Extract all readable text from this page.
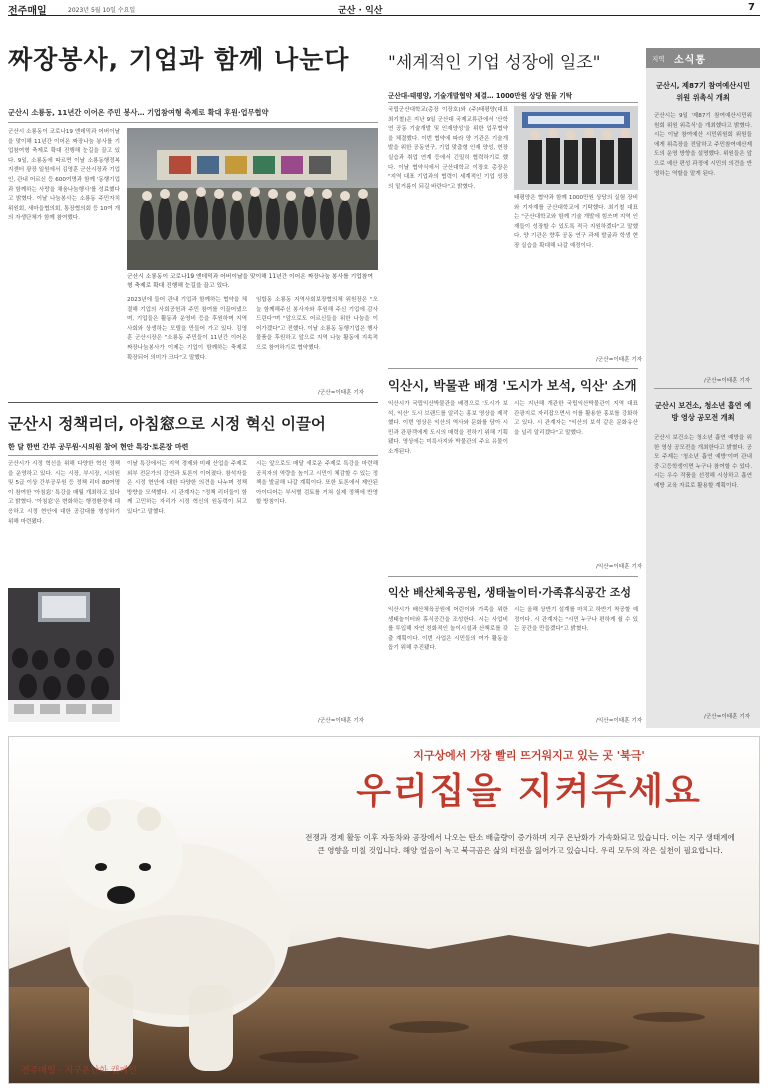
전주매일	2023년 5월 10일 수요일	군산 · 익산	7
짜장봉사, 기업과 함께 나눈다
군산시 소룡동, 11년간 이어온 주민 봉사… 기업참여형 축제로 확대 후원·업무협약
군산시 소룡동이 코로나19 엔데믹과 어버이날을 맞이해 11년간 이어온 짜장나눔 봉사를 기업참여형 축제로 확대 진행해 눈길을 끌고 있다. 9일, 소룡동에 따르면 이날 소룡동행정복지센터 광장 일원에서 김영훈 군산시장과 기업인, 관내 어르신 등 600여명과 함께 '동행기업과 함께하는 사랑을 채움나눔행사'를 성료했다고 밝혔다. 이날 나눔봉사는 소룡동 주민자치위원회, 새마을협의회, 통장협의회 등 10여 개의 자생단체가 함께 참여했다.
군산시 소룡동이 코로나19 엔데믹과 어버이날을 맞이해 11년간 이어온 짜장나눔 봉사를 기업참여형 축제로 확대 진행해 눈길을 끌고 있다.
2023년에 들어 관내 기업과 함께하는 협약을 체결해 기업의 사회공헌과 주민 참여를 이끌어냈으며, 기업들은 활동과 운영비 등을 후원하며 지역사회와 상생하는 모델을 만들어 가고 있다. 김영훈 군산시장은 "소룡동 주민들이 11년간 이어온 짜장나눔봉사가 이제는 기업이 함께하는 축제로 확장되어 의미가 크다"고 말했다.
임합동 소룡동 지역사회보장협의체 위원장은 "오늘 함께해주신 봉사자와 후원해 주신 기업에 감사드린다"며 "앞으로도 어르신들을 위한 나눔을 이어가겠다"고 전했다. 이날 소룡동 동행기업은 행사 물품을 후원하고 앞으로 지역 나눔 활동에 지속적으로 참여하기로 협약했다.
/군산=이태훈 기자
"세계적인 기업 성장에 일조"
군산대-태평양, 기술개발협약 체결… 1000만원 상당 현물 기탁
국립군산대학교(총장 이장호)와 (주)태평양(대표 최기철)은 지난 9일 군산대 국제교류관에서 '산학연 공동 기술개발 및 인재양성'을 위한 업무협약을 체결했다. 이번 협약에 따라 양 기관은 기술개발을 위한 공동연구, 기업 맞춤형 인재 양성, 현장실습과 취업 연계 등에서 긴밀히 협력하기로 했다. 이날 협약식에서 군산대학교 이장호 총장은 "지역 대표 기업과의 협력이 세계적인 기업 성장의 밑거름이 되길 바란다"고 밝혔다.
태평양은 협약과 함께 1000만원 상당의 실험 장비와 기자재를 군산대학교에 기탁했다. 최기철 대표는 "군산대학교와 함께 기술 개발에 힘쓰며 지역 인재들이 성장할 수 있도록 적극 지원하겠다"고 말했다. 양 기관은 향후 공동 연구 과제 발굴과 학생 현장 실습을 확대해 나갈 예정이다.
/군산=이태훈 기자
익산시, 박물관 배경 '도시가 보석, 익산' 소개
익산시가 국립익산박물관을 배경으로 '도시가 보석, 익산' 도시 브랜드를 알리는 홍보 영상을 제작했다. 이번 영상은 익산의 역사와 문화를 담아 시민과 관광객에게 도시의 매력을 전하기 위해 기획됐다. 영상에는 미륵사지와 박물관의 주요 유물이 소개된다.
시는 지난해 개관한 국립익산박물관이 지역 대표 관광지로 자리잡으면서 이를 활용한 홍보를 강화하고 있다. 시 관계자는 "익산의 보석 같은 문화유산을 널리 알리겠다"고 말했다.
/익산=이태훈 기자
익산 배산체육공원, 생태놀이터·가족휴식공간 조성
익산시가 배산체육공원에 어린이와 가족을 위한 생태놀이터와 휴식공간을 조성한다. 시는 사업비를 투입해 자연 친화적인 놀이시설과 산책로를 갖출 계획이다. 이번 사업은 시민들의 여가 활동을 돕기 위해 추진됐다.
시는 올해 상반기 설계를 마치고 하반기 착공할 예정이다. 시 관계자는 "시민 누구나 편하게 쉴 수 있는 공간을 만들겠다"고 밝혔다.
/익산=이태훈 기자
군산시 정책리더, 아침窓으로 시정 혁신 이끌어
한 달 한번 간부 공무원·시의원 참여 현안 특강·토론장 마련
군산시가 시정 혁신을 위해 다양한 혁신 정책을 운영하고 있다. 시는 시장, 부시장, 시의원 및 5급 이상 간부공무원 등 정책 리더 80여명이 참여한 '아침窓' 특강을 매월 개최하고 있다고 밝혔다. '아침窓'은 변화하는 행정환경에 대응하고 시정 현안에 대한 공감대를 형성하기 위해 마련됐다.
이날 특강에서는 지역 경제와 미래 산업을 주제로 외부 전문가의 강연과 토론이 이어졌다. 참석자들은 시정 현안에 대한 다양한 의견을 나누며 정책 방향을 모색했다. 시 관계자는 "정책 리더들이 함께 고민하는 자리가 시정 혁신의 원동력이 되고 있다"고 말했다.
시는 앞으로도 매달 새로운 주제로 특강을 마련해 공직자의 역량을 높이고 시민이 체감할 수 있는 정책을 발굴해 나갈 계획이다. 또한 토론에서 제안된 아이디어는 부서별 검토를 거쳐 실제 정책에 반영할 방침이다.
/군산=이태훈 기자
지역 소식통
군산시, 제87기 참여예산시민위원 위촉식 개최
군산시는 9일 '제87기 참여예산시민위원회 위원 위촉식'을 개최했다고 밝혔다. 시는 이날 참여예산 시민위원회 위원들에게 위촉장을 전달하고 주민참여예산제도의 운영 방향을 설명했다. 위원들은 앞으로 예산 편성 과정에 시민의 의견을 반영하는 역할을 맡게 된다.
/군산=이태훈 기자
군산시 보건소, 청소년 흡연 예방 영상 공모전 개최
군산시 보건소는 청소년 흡연 예방을 위한 영상 공모전을 개최한다고 밝혔다. 공모 주제는 '청소년 흡연 예방'이며 관내 중·고등학생이면 누구나 참여할 수 있다. 시는 우수 작품을 선정해 시상하고 흡연 예방 교육 자료로 활용할 계획이다.
/군산=이태훈 기자
지구상에서 가장 빨리 뜨거워지고 있는 곳 '북극'
우리집을 지켜주세요
전쟁과 경제 활동 이후 자동차와 공장에서 나오는 탄소 배출량이 증가하며 지구 온난화가 가속화되고 있습니다. 이는 지구 생태계에 큰 영향을 미칠 것입니다. 해양 얼음이 녹고 북극곰은 삶의 터전을 잃어가고 있습니다. 우리 모두의 작은 실천이 필요합니다.
전주매일 · 지구온난화 캠페인
